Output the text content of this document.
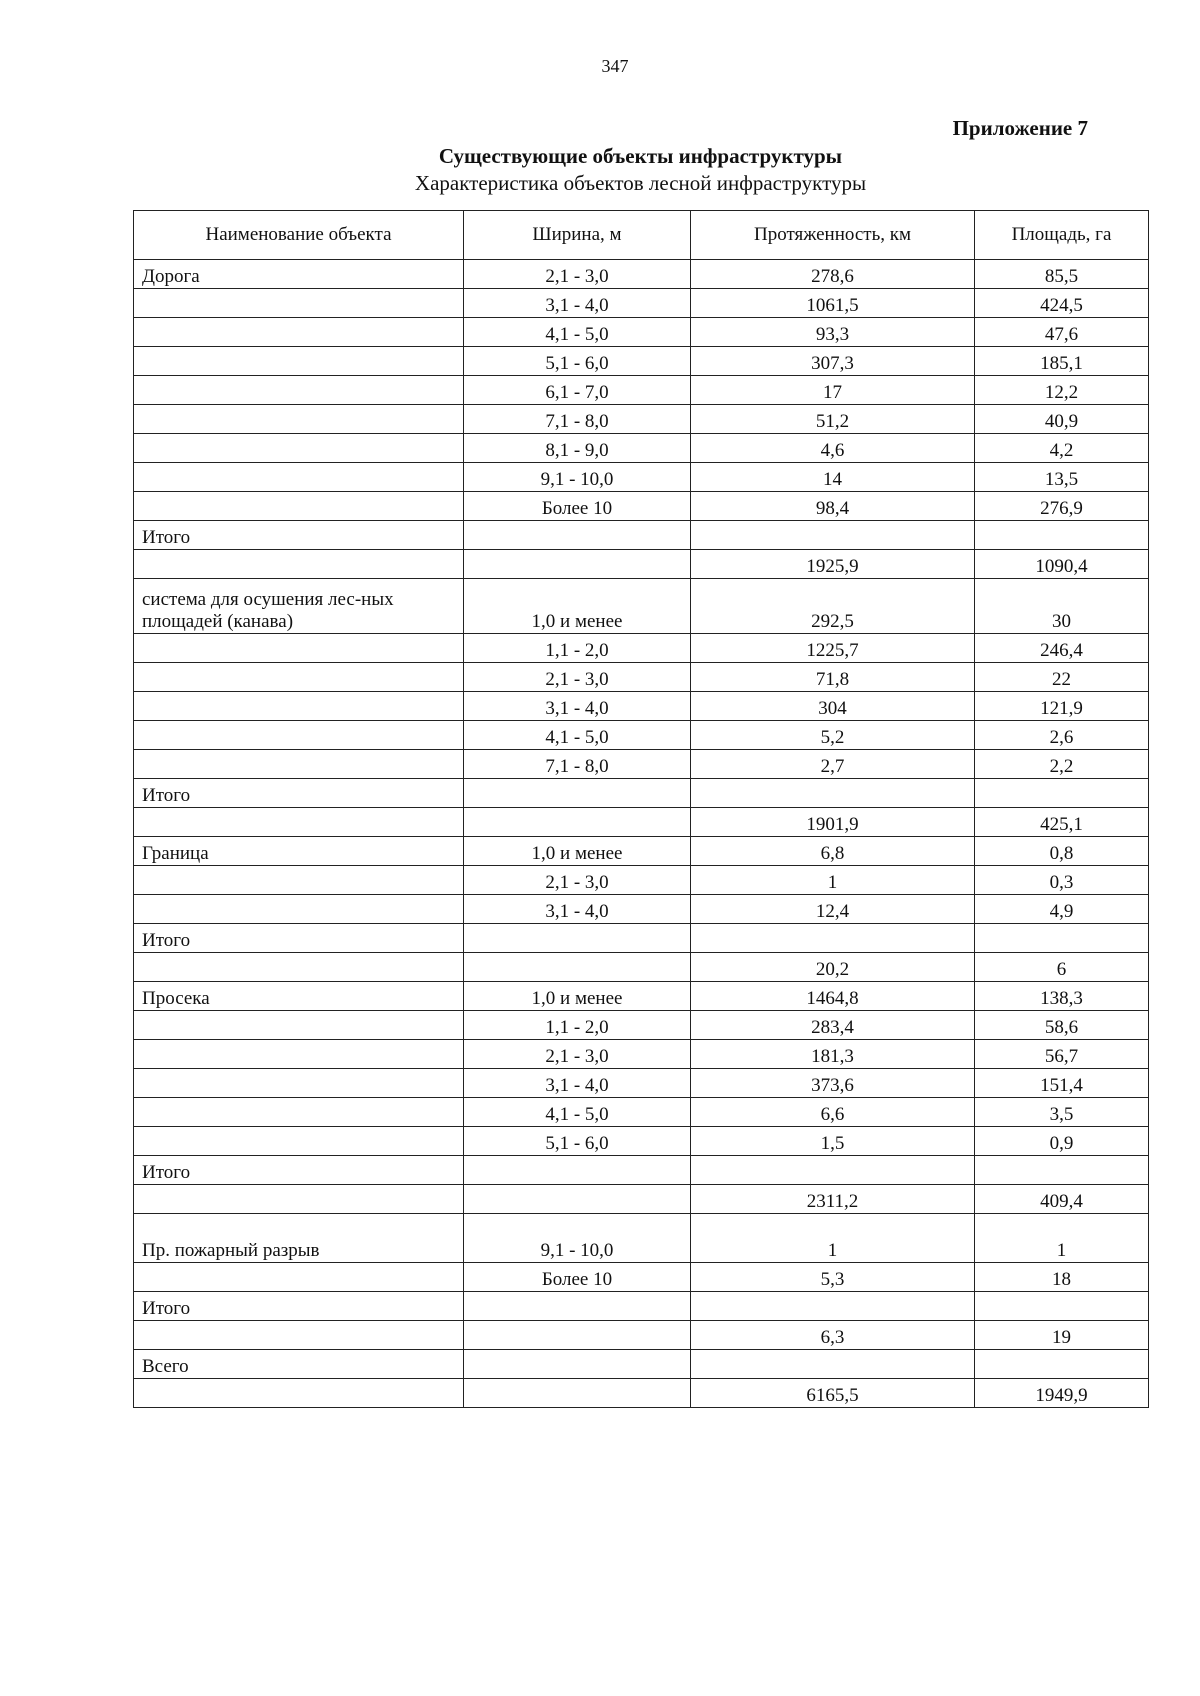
347
Приложение 7
Существующие объекты инфраструктуры
Характеристика объектов лесной инфраструктуры
Наименование объекта	Ширина, м	Протяженность, км	Площадь, га
Дорога	2,1 - 3,0	278,6	85,5
	3,1 - 4,0	1061,5	424,5
	4,1 - 5,0	93,3	47,6
	5,1 - 6,0	307,3	185,1
	6,1 - 7,0	17	12,2
	7,1 - 8,0	51,2	40,9
	8,1 - 9,0	4,6	4,2
	9,1 - 10,0	14	13,5
	Более 10	98,4	276,9
Итого			
		1925,9	1090,4
система для осушения лес-ных площадей (канава)	1,0 и менее	292,5	30
	1,1 - 2,0	1225,7	246,4
	2,1 - 3,0	71,8	22
	3,1 - 4,0	304	121,9
	4,1 - 5,0	5,2	2,6
	7,1 - 8,0	2,7	2,2
Итого			
		1901,9	425,1
Граница	1,0 и менее	6,8	0,8
	2,1 - 3,0	1	0,3
	3,1 - 4,0	12,4	4,9
Итого			
		20,2	6
Просека	1,0 и менее	1464,8	138,3
	1,1 - 2,0	283,4	58,6
	2,1 - 3,0	181,3	56,7
	3,1 - 4,0	373,6	151,4
	4,1 - 5,0	6,6	3,5
	5,1 - 6,0	1,5	0,9
Итого			
		2311,2	409,4
Пр. пожарный разрыв	9,1 - 10,0	1	1
	Более 10	5,3	18
Итого			
		6,3	19
Всего			
		6165,5	1949,9
